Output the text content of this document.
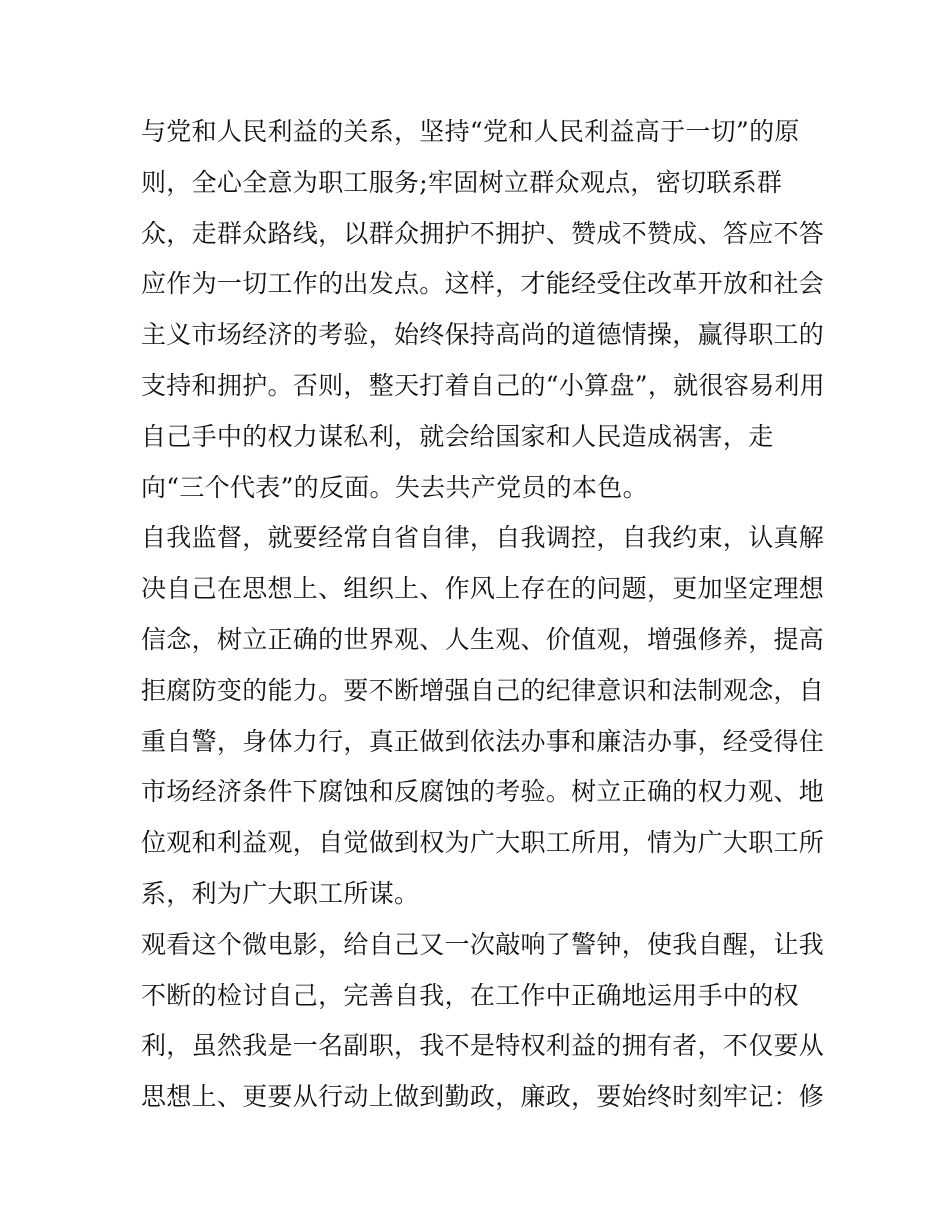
与党和人民利益的关系，坚持“党和人民利益高于一切”的原
则，全心全意为职工服务;牢固树立群众观点，密切联系群
众，走群众路线，以群众拥护不拥护、赞成不赞成、答应不答
应作为一切工作的出发点。这样，才能经受住改革开放和社会
主义市场经济的考验，始终保持高尚的道德情操，赢得职工的
支持和拥护。否则，整天打着自己的“小算盘”，就很容易利用
自己手中的权力谋私利，就会给国家和人民造成祸害，走
向“三个代表”的反面。失去共产党员的本色。
自我监督，就要经常自省自律，自我调控，自我约束，认真解
决自己在思想上、组织上、作风上存在的问题，更加坚定理想
信念，树立正确的世界观、人生观、价值观，增强修养，提高
拒腐防变的能力。要不断增强自己的纪律意识和法制观念，自
重自警，身体力行，真正做到依法办事和廉洁办事，经受得住
市场经济条件下腐蚀和反腐蚀的考验。树立正确的权力观、地
位观和利益观，自觉做到权为广大职工所用，情为广大职工所
系，利为广大职工所谋。
观看这个微电影，给自己又一次敲响了警钟，使我自醒，让我
不断的检讨自己，完善自我，在工作中正确地运用手中的权
利，虽然我是一名副职，我不是特权利益的拥有者，不仅要从
思想上、更要从行动上做到勤政，廉政，要始终时刻牢记：修
